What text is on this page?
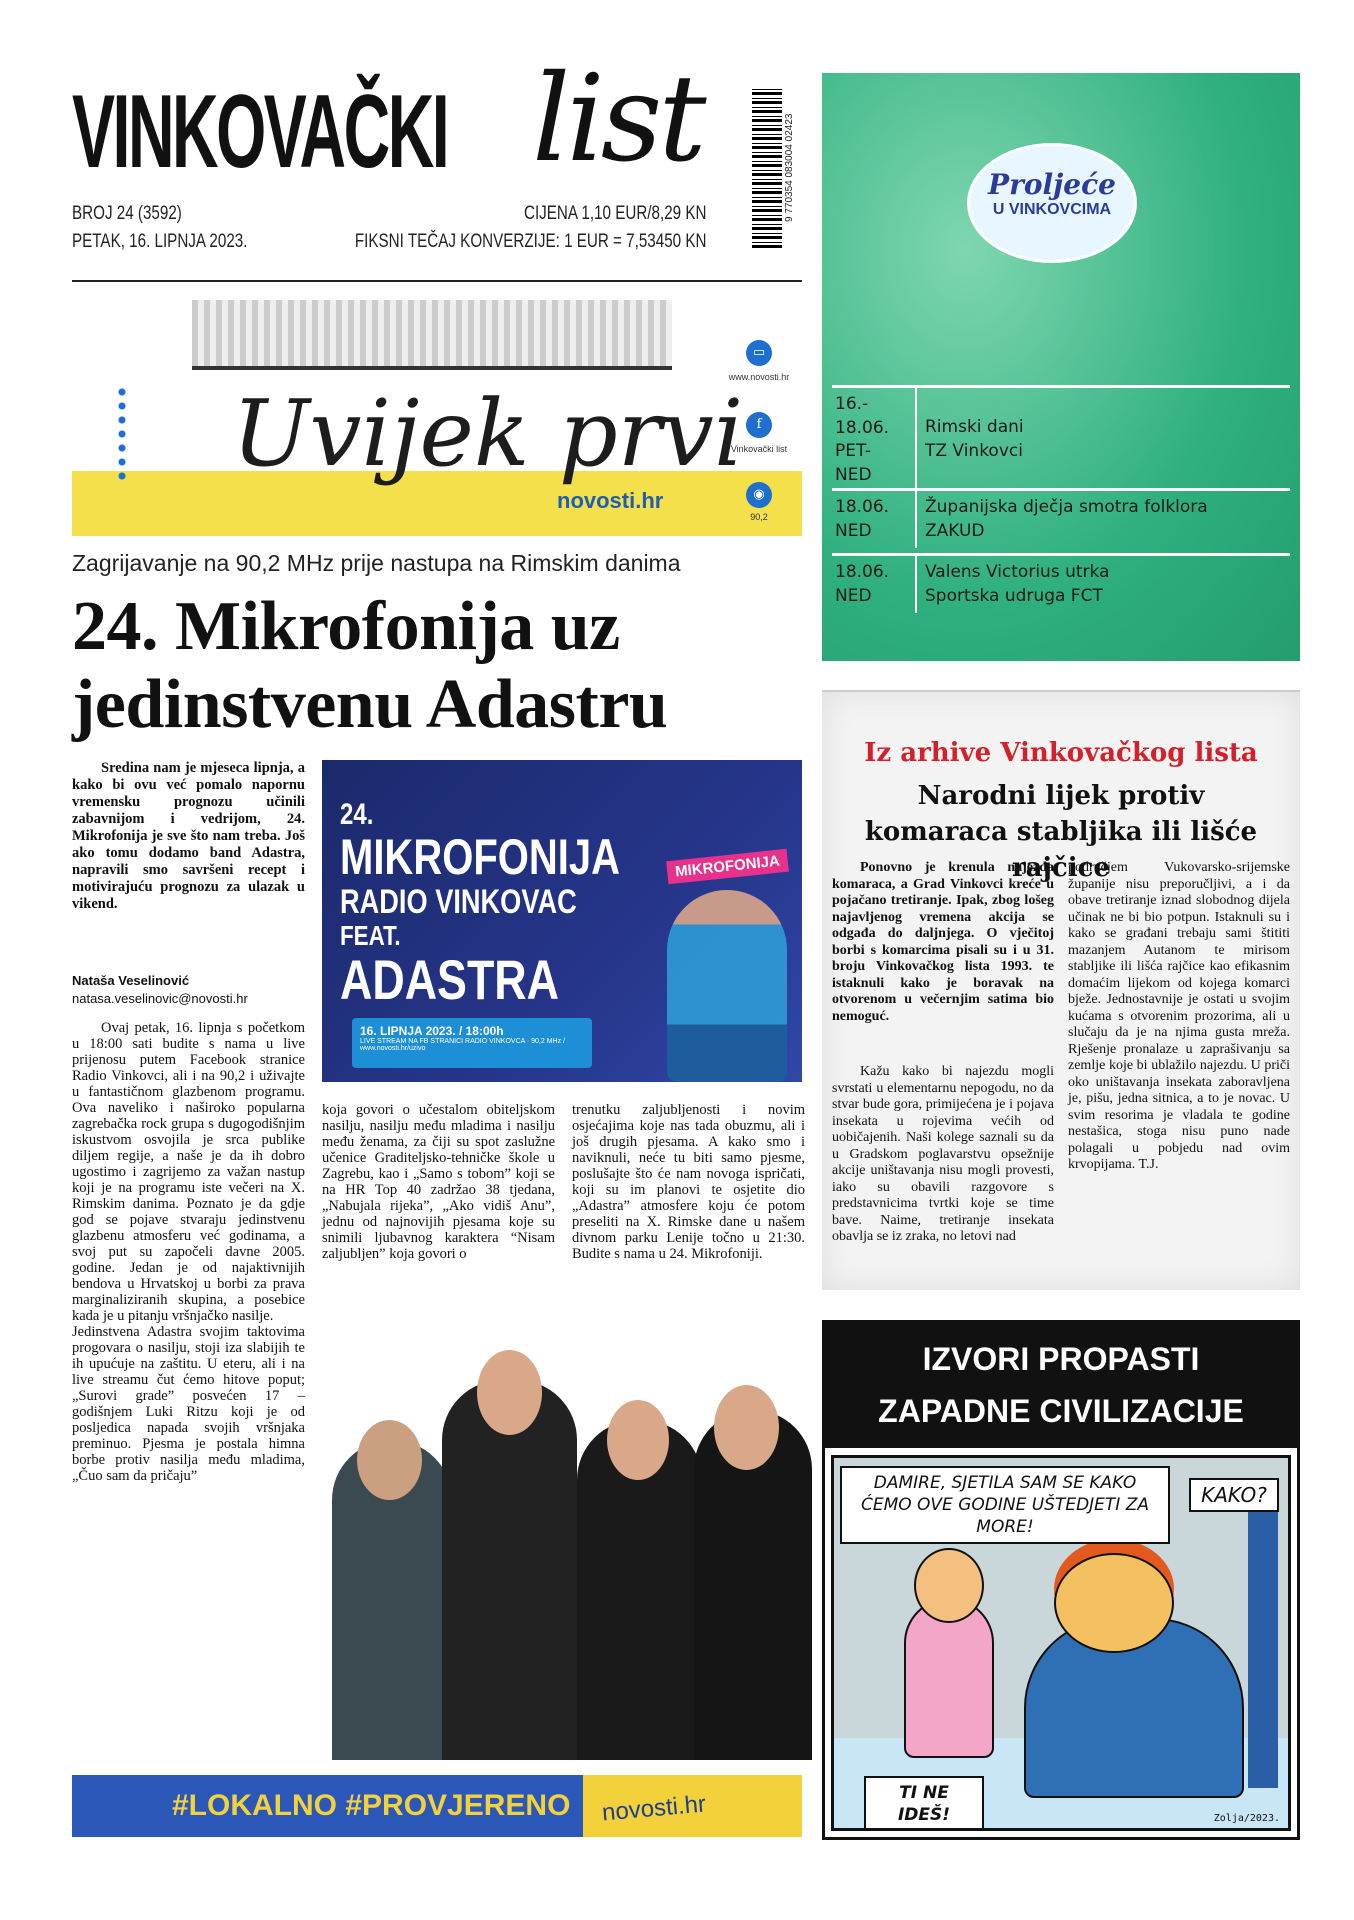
VINKOVAČKI list
BROJ 24 (3592)
PETAK, 16. LIPNJA 2023.
CIJENA 1,10 EUR/8,29 KN
FIKSNI TEČAJ KONVERZIJE: 1 EUR = 7,53450 KN
9 770354 083004 02423
Uvijek prvi
novosti.hr
▭
www.novosti.hr
f
Vinkovački list
◉
90,2
Zagrijavanje na 90,2 MHz prije nastupa na Rimskim danima
24. Mikrofonija uz jedinstvenu Adastru
Sredina nam je mjeseca lipnja, a kako bi ovu već pomalo napornu vremensku prognozu učinili zabavnijom i vedrijom, 24. Mikrofonija je sve što nam treba. Još ako tomu dodamo band Adastra, napravili smo savršeni recept i motivirajuću prognozu za ulazak u vikend.
Nataša Veselinović
natasa.veselinovic@novosti.hr
24.
MIKROFONIJA
RADIO VINKOVAC
FEAT.
ADASTRA
MIKROFONIJA
16. LIPNJA 2023. / 18:00h
LIVE STREAM NA FB STRANICI RADIO VINKOVCA · 90,2 MHz / www.novosti.hr/uzivo
Ovaj petak, 16. lipnja s početkom u 18:00 sati budite s nama u live prijenosu putem Facebook stranice Radio Vinkovci, ali i na 90,2 i uživajte u fantastičnom glazbenom programu. Ova naveliko i naširoko popularna zagrebačka rock grupa s dugogodišnjim iskustvom osvojila je srca publike diljem regije, a naše je da ih dobro ugostimo i zagrijemo za važan nastup koji je na programu iste večeri na X. Rimskim danima. Poznato je da gdje god se pojave stvaraju jedinstvenu glazbenu atmosferu već godinama, a svoj put su započeli davne 2005. godine. Jedan je od najaktivnijih bendova u Hrvatskoj u borbi za prava marginaliziranih skupina, a posebice kada je u pitanju vršnjačko nasilje.
Jedinstvena Adastra svojim taktovima progovara o nasilju, stoji iza slabijih te ih upućuje na zaštitu. U eteru, ali i na live streamu čut ćemo hitove poput; „Surovi grade” posvećen 17 – godišnjem Luki Ritzu koji je od posljedica napada svojih vršnjaka preminuo. Pjesma je postala himna borbe protiv nasilja među mladima, „Čuo sam da pričaju”
koja govori o učestalom obiteljskom nasilju, nasilju među mladima i nasilju među ženama, za čiji su spot zaslužne učenice Graditeljsko-tehničke škole u Zagrebu, kao i „Samo s tobom” koji se na HR Top 40 zadržao 38 tjedana, „Nabujala rijeka”, „Ako vidiš Anu”, jednu od najnovijih pjesama koje su snimili ljubavnog karaktera “Nisam zaljubljen” koja govori o
trenutku zaljubljenosti i novim osjećajima koje nas tada obuzmu, ali i još drugih pjesama. A kako smo i naviknuli, neće tu biti samo pjesme, poslušajte što će nam novoga ispričati, koji su im planovi te osjetite dio „Adastra” atmosfere koju će potom preseliti na X. Rimske dane u našem divnom parku Lenije točno u 21:30. Budite s nama u 24. Mikrofoniji.
#LOKALNO #PROVJERENO novosti.hr
Proljeće
U VINKOVCIMA
16.- 18.06. PET- NED
Rimski dani
TZ Vinkovci
18.06. NED
Županijska dječja smotra folklora
ZAKUD
18.06. NED
Valens Victorius utrka
Sportska udruga FCT
Iz arhive Vinkovačkog lista
Narodni lijek protiv komaraca stabljika ili lišće rajčice
Ponovno je krenula najezda komaraca, a Grad Vinkovci kreće u pojačano tretiranje. Ipak, zbog lošeg najavljenog vremena akcija se odgađa do daljnjega. O vječitoj borbi s komarcima pisali su i u 31. broju Vinkovačkog lista 1993. te istaknuli kako je boravak na otvorenom u večernjim satima bio nemoguć.
Kažu kako bi najezdu mogli svrstati u elementarnu nepogodu, no da stvar bude gora, primijećena je i pojava insekata u rojevima većih od uobičajenih. Naši kolege saznali su da u Gradskom poglavarstvu opsežnije akcije uništavanja nisu mogli provesti, iako su obavili razgovore s predstavnicima tvrtki koje se time bave. Naime, tretiranje insekata obavlja se iz zraka, no letovi nad
područjem Vukovarsko-srijemske županije nisu preporučljivi, a i da obave tretiranje iznad slobodnog dijela učinak ne bi bio potpun. Istaknuli su i kako se građani trebaju sami štititi mazanjem Autanom te mirisom stabljike ili lišća rajčice kao efikasnim domaćim lijekom od kojega komarci bježe. Jednostavnije je ostati u svojim kućama s otvorenim prozorima, ali u slučaju da je na njima gusta mreža. Rješenje pronalaze u zaprašivanju sa zemlje koje bi ublažilo najezdu. U priči oko uništavanja insekata zaboravljena je, pišu, jedna sitnica, a to je novac. U svim resorima je vladala te godine nestašica, stoga nisu puno nade polagali u pobjedu nad ovim krvopijama. T.J.
IZVORI PROPASTI
ZAPADNE CIVILIZACIJE
DAMIRE, SJETILA SAM SE KAKO ĆEMO OVE GODINE UŠTEDJETI ZA MORE!
KAKO?
TI NE IDEŠ!	Zolja/2023.
